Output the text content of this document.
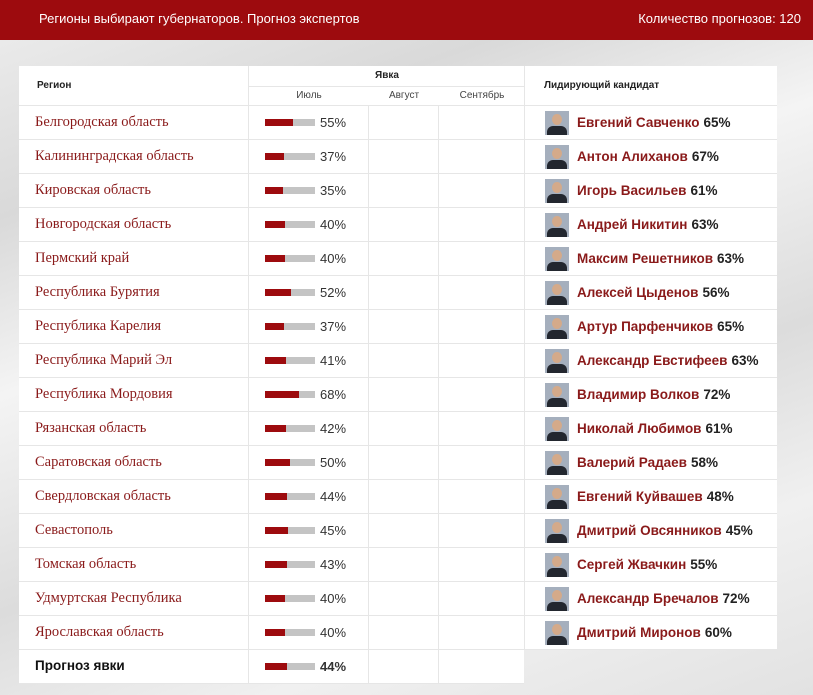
Регионы выбирают губернаторов. Прогноз экспертов	Количество прогнозов: 120
Регион
Явка
Июль	Август	Сентябрь
Лидирующий кандидат
Белгородская область	55%	Евгений Савченко 65%
Калининградская область	37%	Антон Алиханов 67%
Кировская область	35%	Игорь Васильев 61%
Новгородская область	40%	Андрей Никитин 63%
Пермский край	40%	Максим Решетников 63%
Республика Бурятия	52%	Алексей Цыденов 56%
Республика Карелия	37%	Артур Парфенчиков 65%
Республика Марий Эл	41%	Александр Евстифеев 63%
Республика Мордовия	68%	Владимир Волков 72%
Рязанская область	42%	Николай Любимов 61%
Саратовская область	50%	Валерий Радаев 58%
Свердловская область	44%	Евгений Куйвашев 48%
Севастополь	45%	Дмитрий Овсянников 45%
Томская область	43%	Сергей Жвачкин 55%
Удмуртская Республика	40%	Александр Бречалов 72%
Ярославская область	40%	Дмитрий Миронов 60%
Прогноз явки	44%
